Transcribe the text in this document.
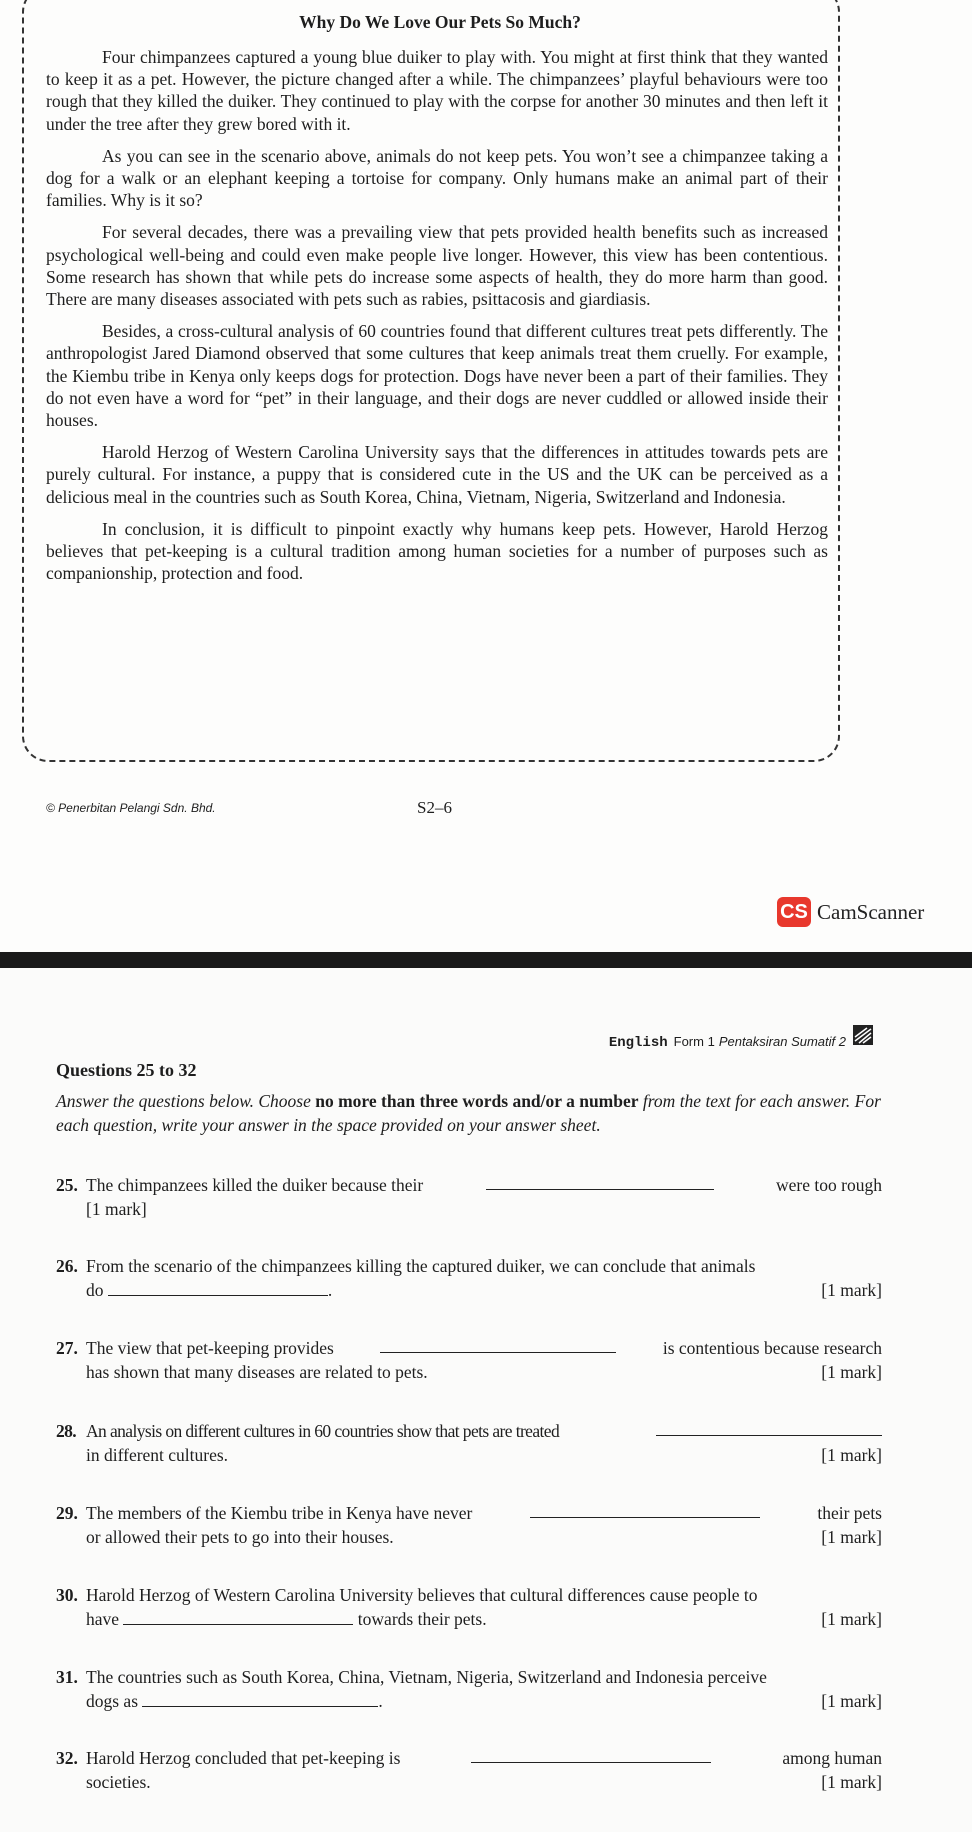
Why Do We Love Our Pets So Much?

Four chimpanzees captured a young blue duiker to play with. You might at first think that they wanted to keep it as a pet. However, the picture changed after a while. The chimpanzees’ playful behaviours were too rough that they killed the duiker. They continued to play with the corpse for another 30 minutes and then left it under the tree after they grew bored with it.

As you can see in the scenario above, animals do not keep pets. You won’t see a chimpanzee taking a dog for a walk or an elephant keeping a tortoise for company. Only humans make an animal part of their families. Why is it so?

For several decades, there was a prevailing view that pets provided health benefits such as increased psychological well-being and could even make people live longer. However, this view has been contentious. Some research has shown that while pets do increase some aspects of health, they do more harm than good. There are many diseases associated with pets such as rabies, psittacosis and giardiasis.

Besides, a cross-cultural analysis of 60 countries found that different cultures treat pets differently. The anthropologist Jared Diamond observed that some cultures that keep animals treat them cruelly. For example, the Kiembu tribe in Kenya only keeps dogs for protection. Dogs have never been a part of their families. They do not even have a word for “pet” in their language, and their dogs are never cuddled or allowed inside their houses.

Harold Herzog of Western Carolina University says that the differences in attitudes towards pets are purely cultural. For instance, a puppy that is considered cute in the US and the UK can be perceived as a delicious meal in the countries such as South Korea, China, Vietnam, Nigeria, Switzerland and Indonesia.

In conclusion, it is difficult to pinpoint exactly why humans keep pets. However, Harold Herzog believes that pet-keeping is a cultural tradition among human societies for a number of purposes such as companionship, protection and food.

© Penerbitan Pelangi Sdn. Bhd.	S2–6
CS CamScanner
English Form 1 Pentaksiran Sumatif 2
Questions 25 to 32
Answer the questions below. Choose no more than three words and/or a number from the text for each answer. For each question, write your answer in the space provided on your answer sheet.
25. The chimpanzees killed the duiker because their	were too rough
[1 mark]
26. From the scenario of the chimpanzees killing the captured duiker, we can conclude that animals
do	.	[1 mark]
27. The view that pet-keeping provides	is contentious because research
has shown that many diseases are related to pets.	[1 mark]
28. An analysis on different cultures in 60 countries show that pets are treated
in different cultures.	[1 mark]
29. The members of the Kiembu tribe in Kenya have never	their pets
or allowed their pets to go into their houses.	[1 mark]
30. Harold Herzog of Western Carolina University believes that cultural differences cause people to
have	towards their pets.	[1 mark]
31. The countries such as South Korea, China, Vietnam, Nigeria, Switzerland and Indonesia perceive
dogs as	.	[1 mark]
32. Harold Herzog concluded that pet-keeping is	among human
societies.	[1 mark]
